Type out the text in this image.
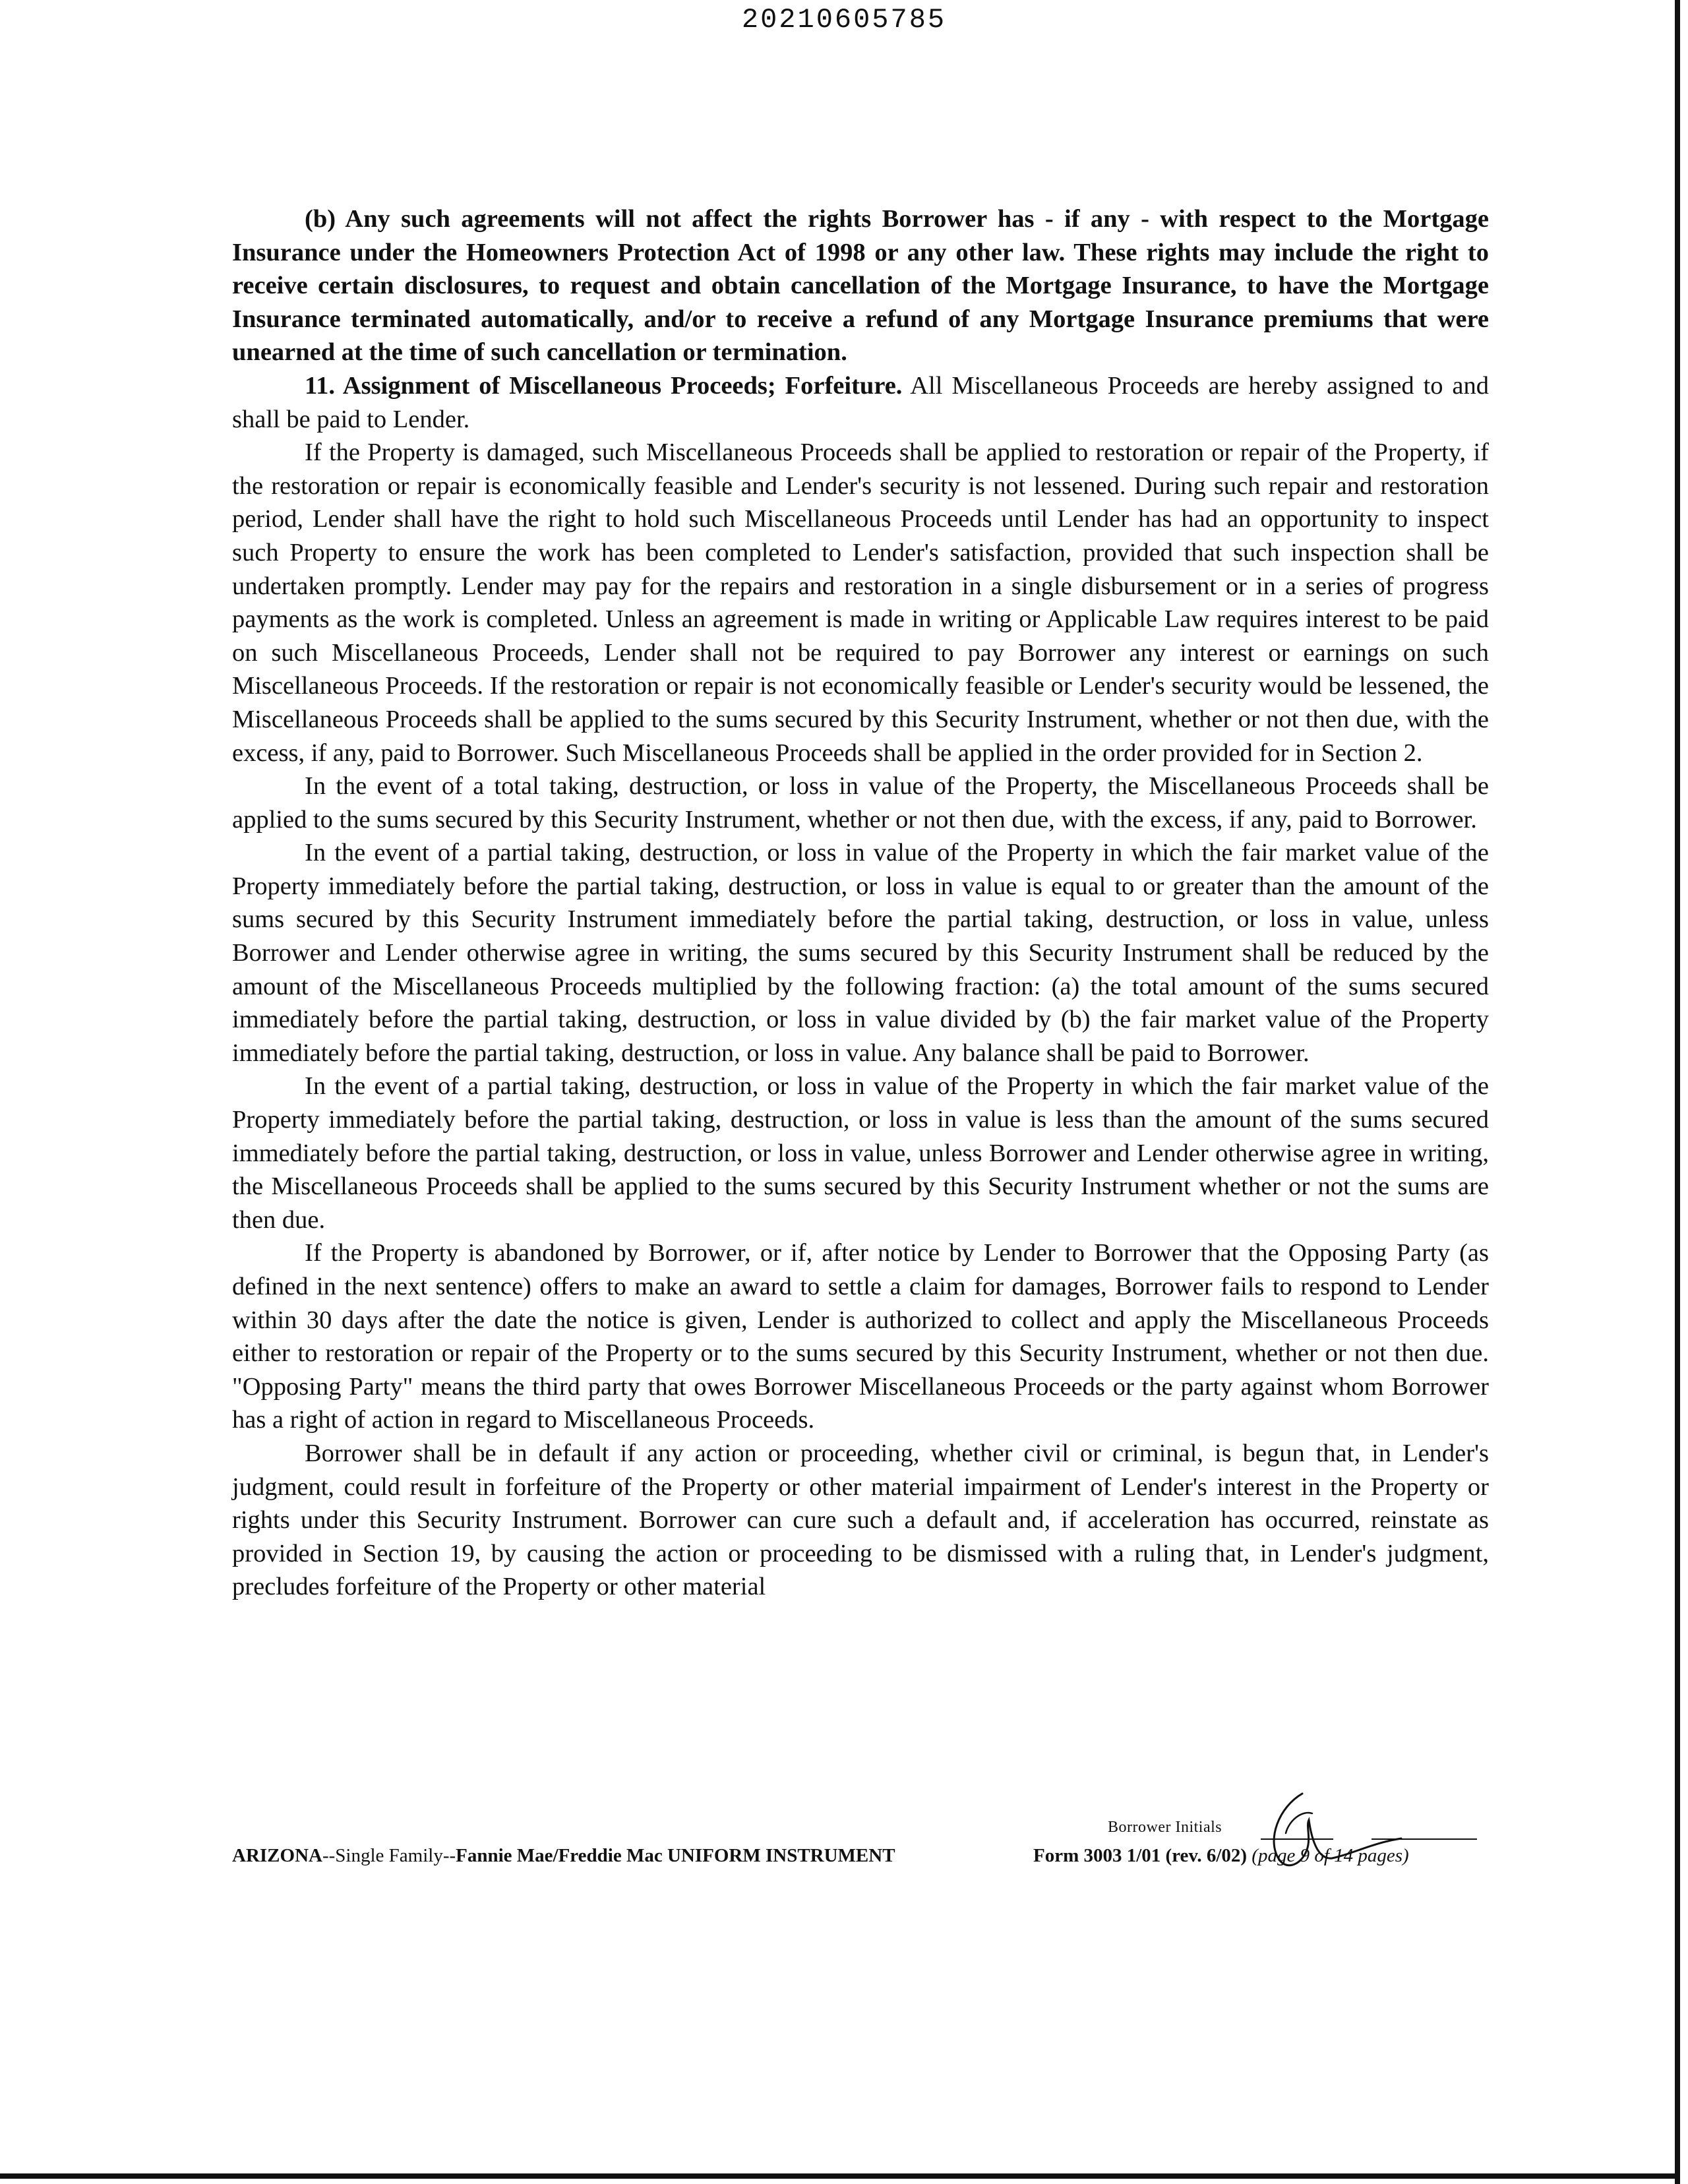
20210605785

(b) Any such agreements will not affect the rights Borrower has - if any - with respect to the Mortgage Insurance under the Homeowners Protection Act of 1998 or any other law. These rights may include the right to receive certain disclosures, to request and obtain cancellation of the Mortgage Insurance, to have the Mortgage Insurance terminated automatically, and/or to receive a refund of any Mortgage Insurance premiums that were unearned at the time of such cancellation or termination.

11. Assignment of Miscellaneous Proceeds; Forfeiture. All Miscellaneous Proceeds are hereby assigned to and shall be paid to Lender.

If the Property is damaged, such Miscellaneous Proceeds shall be applied to restoration or repair of the Property, if the restoration or repair is economically feasible and Lender's security is not lessened. During such repair and restoration period, Lender shall have the right to hold such Miscellaneous Proceeds until Lender has had an opportunity to inspect such Property to ensure the work has been completed to Lender's satisfaction, provided that such inspection shall be undertaken promptly. Lender may pay for the repairs and restoration in a single disbursement or in a series of progress payments as the work is completed. Unless an agreement is made in writing or Applicable Law requires interest to be paid on such Miscellaneous Proceeds, Lender shall not be required to pay Borrower any interest or earnings on such Miscellaneous Proceeds. If the restoration or repair is not economically feasible or Lender's security would be lessened, the Miscellaneous Proceeds shall be applied to the sums secured by this Security Instrument, whether or not then due, with the excess, if any, paid to Borrower. Such Miscellaneous Proceeds shall be applied in the order provided for in Section 2.

In the event of a total taking, destruction, or loss in value of the Property, the Miscellaneous Proceeds shall be applied to the sums secured by this Security Instrument, whether or not then due, with the excess, if any, paid to Borrower.

In the event of a partial taking, destruction, or loss in value of the Property in which the fair market value of the Property immediately before the partial taking, destruction, or loss in value is equal to or greater than the amount of the sums secured by this Security Instrument immediately before the partial taking, destruction, or loss in value, unless Borrower and Lender otherwise agree in writing, the sums secured by this Security Instrument shall be reduced by the amount of the Miscellaneous Proceeds multiplied by the following fraction: (a) the total amount of the sums secured immediately before the partial taking, destruction, or loss in value divided by (b) the fair market value of the Property immediately before the partial taking, destruction, or loss in value. Any balance shall be paid to Borrower.

In the event of a partial taking, destruction, or loss in value of the Property in which the fair market value of the Property immediately before the partial taking, destruction, or loss in value is less than the amount of the sums secured immediately before the partial taking, destruction, or loss in value, unless Borrower and Lender otherwise agree in writing, the Miscellaneous Proceeds shall be applied to the sums secured by this Security Instrument whether or not the sums are then due.

If the Property is abandoned by Borrower, or if, after notice by Lender to Borrower that the Opposing Party (as defined in the next sentence) offers to make an award to settle a claim for damages, Borrower fails to respond to Lender within 30 days after the date the notice is given, Lender is authorized to collect and apply the Miscellaneous Proceeds either to restoration or repair of the Property or to the sums secured by this Security Instrument, whether or not then due. "Opposing Party" means the third party that owes Borrower Miscellaneous Proceeds or the party against whom Borrower has a right of action in regard to Miscellaneous Proceeds.

Borrower shall be in default if any action or proceeding, whether civil or criminal, is begun that, in Lender's judgment, could result in forfeiture of the Property or other material impairment of Lender's interest in the Property or rights under this Security Instrument. Borrower can cure such a default and, if acceleration has occurred, reinstate as provided in Section 19, by causing the action or proceeding to be dismissed with a ruling that, in Lender's judgment, precludes forfeiture of the Property or other material

Borrower Initials
ARIZONA--Single Family--Fannie Mae/Freddie Mac UNIFORM INSTRUMENT	Form 3003 1/01 (rev. 6/02) (page 9 of 14 pages)
